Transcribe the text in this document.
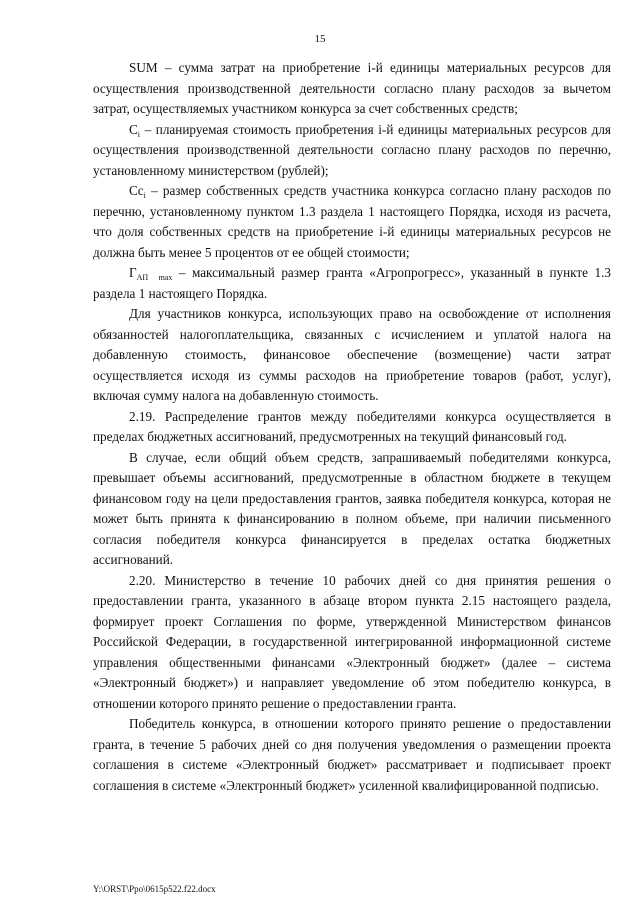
15

SUM – сумма затрат на приобретение i-й единицы материальных ресурсов для осуществления производственной деятельности согласно плану расходов за вычетом затрат, осуществляемых участником конкурса за счет собственных средств;

$C_i$ – планируемая стоимость приобретения i-й единицы материальных ресурсов для осуществления производственной деятельности согласно плану расходов по перечню, установленному министерством (рублей);

$Cc_i$ – размер собственных средств участника конкурса согласно плану расходов по перечню, установленному пунктом 1.3 раздела 1 настоящего Порядка, исходя из расчета, что доля собственных средств на приобретение i-й единицы материальных ресурсов не должна быть менее 5 процентов от ее общей стоимости;

$Г_{АП max}$ – максимальный размер гранта «Агропрогресс», указанный в пункте 1.3 раздела 1 настоящего Порядка.

Для участников конкурса, использующих право на освобождение от исполнения обязанностей налогоплательщика, связанных с исчислением и уплатой налога на добавленную стоимость, финансовое обеспечение (возмещение) части затрат осуществляется исходя из суммы расходов на приобретение товаров (работ, услуг), включая сумму налога на добавленную стоимость.

2.19. Распределение грантов между победителями конкурса осуществляется в пределах бюджетных ассигнований, предусмотренных на текущий финансовый год.

В случае, если общий объем средств, запрашиваемый победителями конкурса, превышает объемы ассигнований, предусмотренные в областном бюджете в текущем финансовом году на цели предоставления грантов, заявка победителя конкурса, которая не может быть принята к финансированию в полном объеме, при наличии письменного согласия победителя конкурса финансируется в пределах остатка бюджетных ассигнований.

2.20. Министерство в течение 10 рабочих дней со дня принятия решения о предоставлении гранта, указанного в абзаце втором пункта 2.15 настоящего раздела, формирует проект Соглашения по форме, утвержденной Министерством финансов Российской Федерации, в государственной интегрированной информационной системе управления общественными финансами «Электронный бюджет» (далее – система «Электронный бюджет») и направляет уведомление об этом победителю конкурса, в отношении которого принято решение о предоставлении гранта.

Победитель конкурса, в отношении которого принято решение о предоставлении гранта, в течение 5 рабочих дней со дня получения уведомления о размещении проекта соглашения в системе «Электронный бюджет» рассматривает и подписывает проект соглашения в системе «Электронный бюджет» усиленной квалифицированной подписью.

Y:\ORST\Ppo\0615p522.f22.docx
